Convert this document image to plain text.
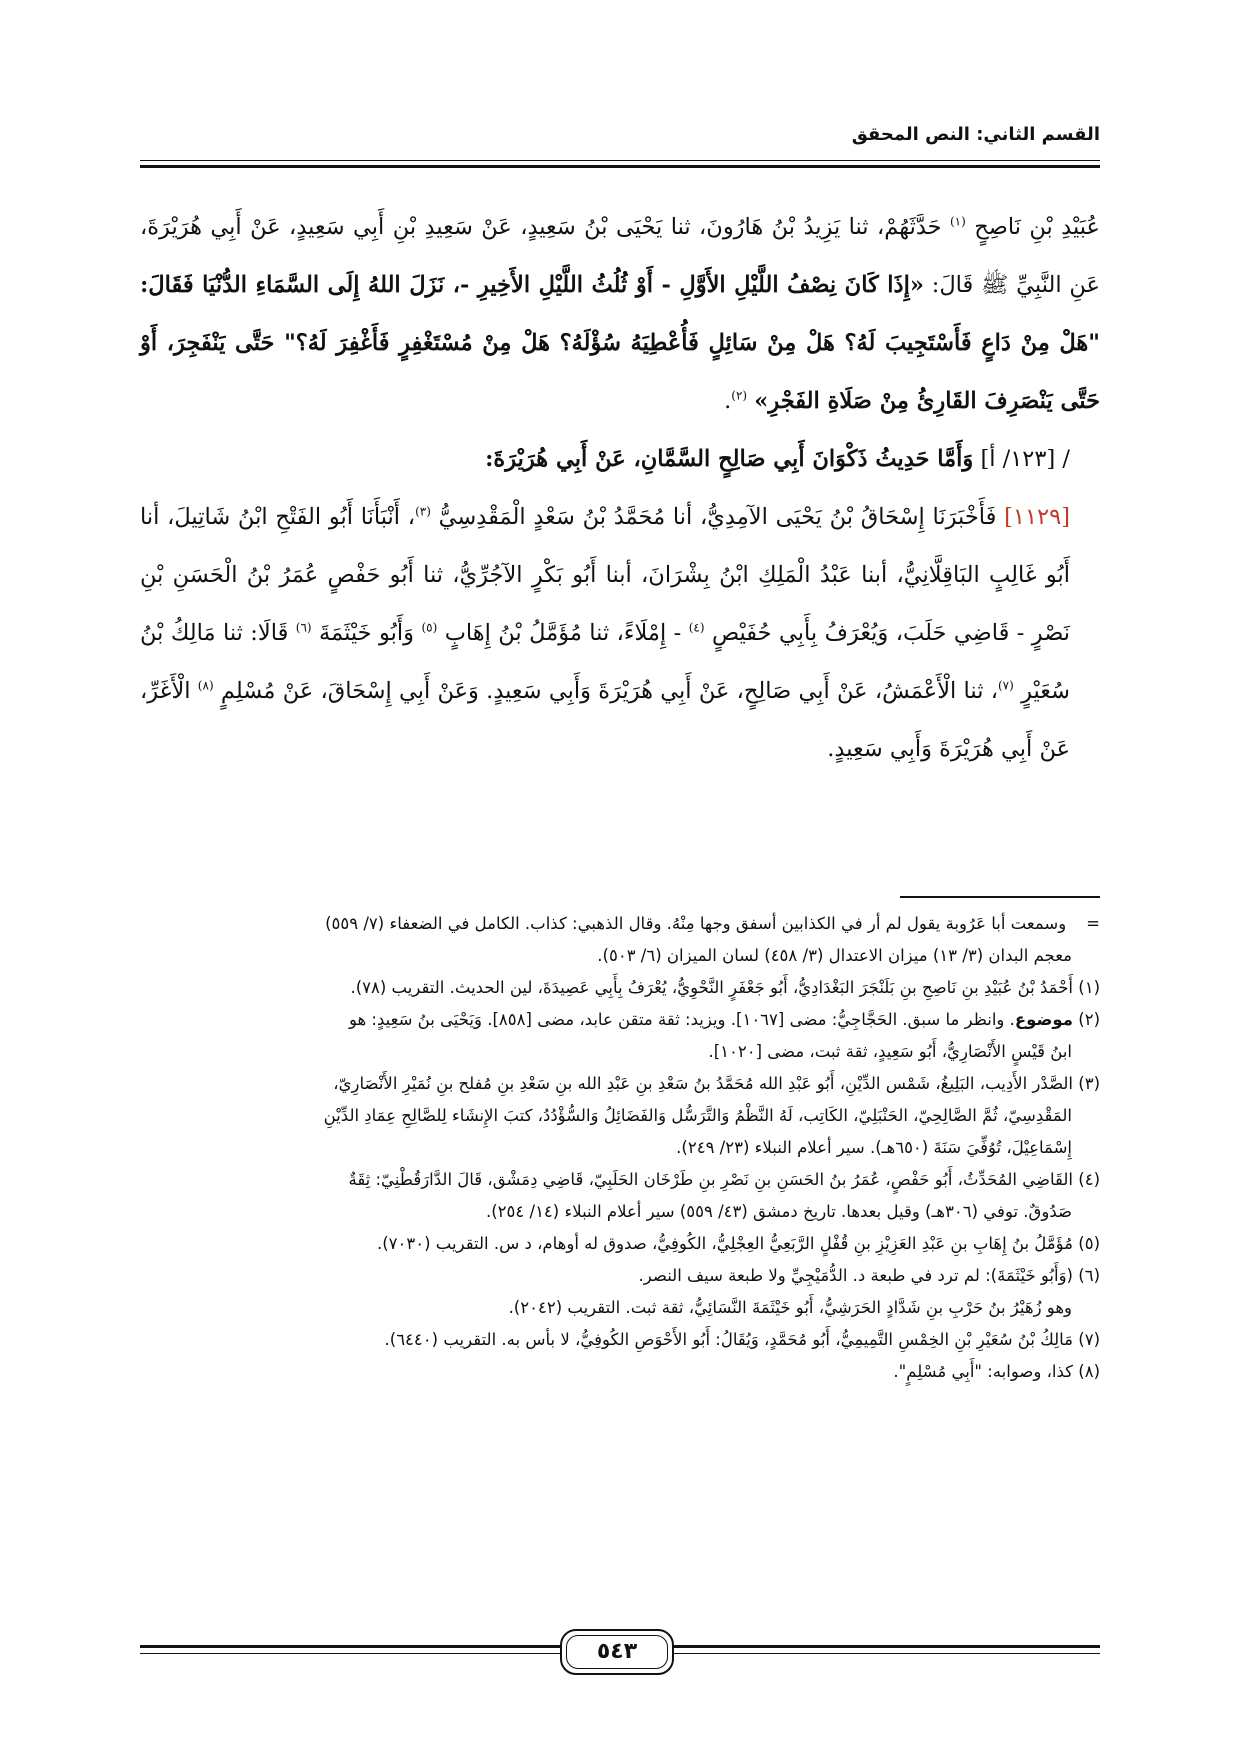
القسم الثاني: النص المحقق

عُبَيْدِ بْنِ نَاصِحٍ $^{(١)}$ حَدَّثَهُمْ، ثنا يَزِيدُ بْنُ هَارُونَ، ثنا يَحْيَى بْنُ سَعِيدٍ، عَنْ سَعِيدِ بْنِ أَبِي سَعِيدٍ، عَنْ أَبِي هُرَيْرَةَ، عَنِ النَّبِيِّ ﷺ قَالَ: «إِذَا كَانَ نِصْفُ اللَّيْلِ الأَوَّلِ - أَوْ ثُلُثُ اللَّيْلِ الأَخِيرِ -، نَزَلَ اللهُ إِلَى السَّمَاءِ الدُّنْيَا فَقَالَ: "هَلْ مِنْ دَاعٍ فَأَسْتَجِيبَ لَهُ؟ هَلْ مِنْ سَائِلٍ فَأُعْطِيَهُ سُؤْلَهُ؟ هَلْ مِنْ مُسْتَغْفِرٍ فَأَغْفِرَ لَهُ؟" حَتَّى يَنْفَجِرَ، أَوْ حَتَّى يَنْصَرِفَ القَارِئُ مِنْ صَلَاةِ الفَجْرِ» $^{(٢)}$.

/ [١٢٣/ أ] وَأَمَّا حَدِيثُ ذَكْوَانَ أَبِي صَالِحٍ السَّمَّانِ، عَنْ أَبِي هُرَيْرَةَ:

[١١٢٩] فَأَخْبَرَنَا إِسْحَاقُ بْنُ يَحْيَى الآمِدِيُّ، أنا مُحَمَّدُ بْنُ سَعْدٍ الْمَقْدِسِيُّ $^{(٣)}$، أَنْبَأَنَا أَبُو الفَتْحِ ابْنُ شَاتِيلَ، أنا أَبُو غَالِبٍ البَاقِلَّانِيُّ، أبنا عَبْدُ الْمَلِكِ ابْنُ بِشْرَانَ، أبنا أَبُو بَكْرٍ الآجُرِّيُّ، ثنا أَبُو حَفْصٍ عُمَرُ بْنُ الْحَسَنِ بْنِ نَصْرٍ - قَاضِي حَلَبَ، وَيُعْرَفُ بِأَبِي حُفَيْصٍ $^{(٤)}$ - إِمْلَاءً، ثنا مُؤَمَّلُ بْنُ إِهَابٍ $^{(٥)}$ وَأَبُو خَيْثَمَةَ $^{(٦)}$ قَالَا: ثنا مَالِكُ بْنُ سُعَيْرٍ $^{(٧)}$، ثنا الْأَعْمَشُ، عَنْ أَبِي صَالِحٍ، عَنْ أَبِي هُرَيْرَةَ وَأَبِي سَعِيدٍ. وَعَنْ أَبِي إِسْحَاقَ، عَنْ مُسْلِمٍ $^{(٨)}$ الْأَغَرِّ، عَنْ أَبِي هُرَيْرَةَ وَأَبِي سَعِيدٍ.

=وسمعت أبا عَرُوبة يقول لم أر في الكذابين أسفق وجها مِنْهُ. وقال الذهبي: كذاب. الكامل في الضعفاء (٧/ ٥٥٩)

معجم البدان (٣/ ١٣) ميزان الاعتدال (٣/ ٤٥٨) لسان الميزان (٦/ ٥٠٣).

(١) أَحْمَدُ بْنُ عُبَيْدِ بنِ نَاصِحِ بنِ بَلَنْجَرَ البَغْدَادِيُّ، أَبُو جَعْفَرٍ النَّحْوِيُّ، يُعْرَفُ بِأَبِي عَصِيدَةَ، لين الحديث. التقريب (٧٨).

(٢) موضوع. وانظر ما سبق. الحَجَّاجِيُّ: مضى [١٠٦٧]. ويزيد: ثقة متقن عابد، مضى [٨٥٨]. وَيَحْيَى بنُ سَعِيدٍ: هو

ابنُ قَيْسٍ الأَنْصَارِيُّ، أَبُو سَعِيدٍ، ثقة ثبت، مضى [١٠٢٠].

(٣) الصَّدْر الأَدِيب، البَلِيغُ، شَمْس الدِّيْنِ، أَبُو عَبْدِ الله مُحَمَّدُ بنُ سَعْدِ بنِ عَبْدِ الله بنِ سَعْدِ بنِ مُفلح بنِ نُمَيْرِ الأَنْصَارِيّ،

المَقْدِسِيّ، ثُمَّ الصَّالِحِيّ، الحَنْبَلِيّ، الكَاتِب، لَهُ النَّظْمُ وَالتَّرَسُّل وَالفَضَائِلُ وَالسُّؤْدُدُ، كتبَ الإِنشَاء لِلصَّالِحِ عِمَادِ الدِّيْنِ

إِسْمَاعِيْلَ، تُوُفِّيَ سَنَةَ (٦٥٠هـ). سير أعلام النبلاء (٢٣/ ٢٤٩).

(٤) القَاضِي المُحَدِّثُ، أَبُو حَفْصٍ، عُمَرُ بنُ الحَسَنِ بنِ نَصْرِ بنِ طَرْخَان الحَلَبِيّ، قَاضِي دِمَشْق، قَالَ الدَّارَقُطْنِيّ: ثِقَةٌ

صَدُوقٌ. توفي (٣٠٦هـ) وقيل بعدها. تاريخ دمشق (٤٣/ ٥٥٩) سير أعلام النبلاء (١٤/ ٢٥٤).

(٥) مُؤَمَّلُ بنُ إِهَابِ بنِ عَبْدِ العَزِيْزِ بنِ قُفْلٍ الرَّبَعِيُّ العِجْلِيُّ، الكُوفِيُّ، صدوق له أوهام، د س. التقريب (٧٠٣٠).

(٦) (وَأَبُو خَيْثَمَةَ): لم ترد في طبعة د. الدُّمَيْجِيِّ ولا طبعة سيف النصر.

وهو زُهَيْرُ بنُ حَرْبِ بنِ شَدَّادٍ الحَرَشِيُّ، أَبُو خَيْثَمَةَ النَّسَائِيُّ، ثقة ثبت. التقريب (٢٠٤٢).

(٧) مَالِكُ بْنُ سُعَيْرِ بْنِ الخِمْسِ التَّمِيمِيُّ، أَبُو مُحَمَّدٍ، وَيُقَالُ: أَبُو الأَحْوَصِ الكُوفِيُّ، لا بأس به. التقريب (٦٤٤٠).

(٨) كذا، وصوابه: "أَبِي مُسْلِمٍ".

٥٤٣
